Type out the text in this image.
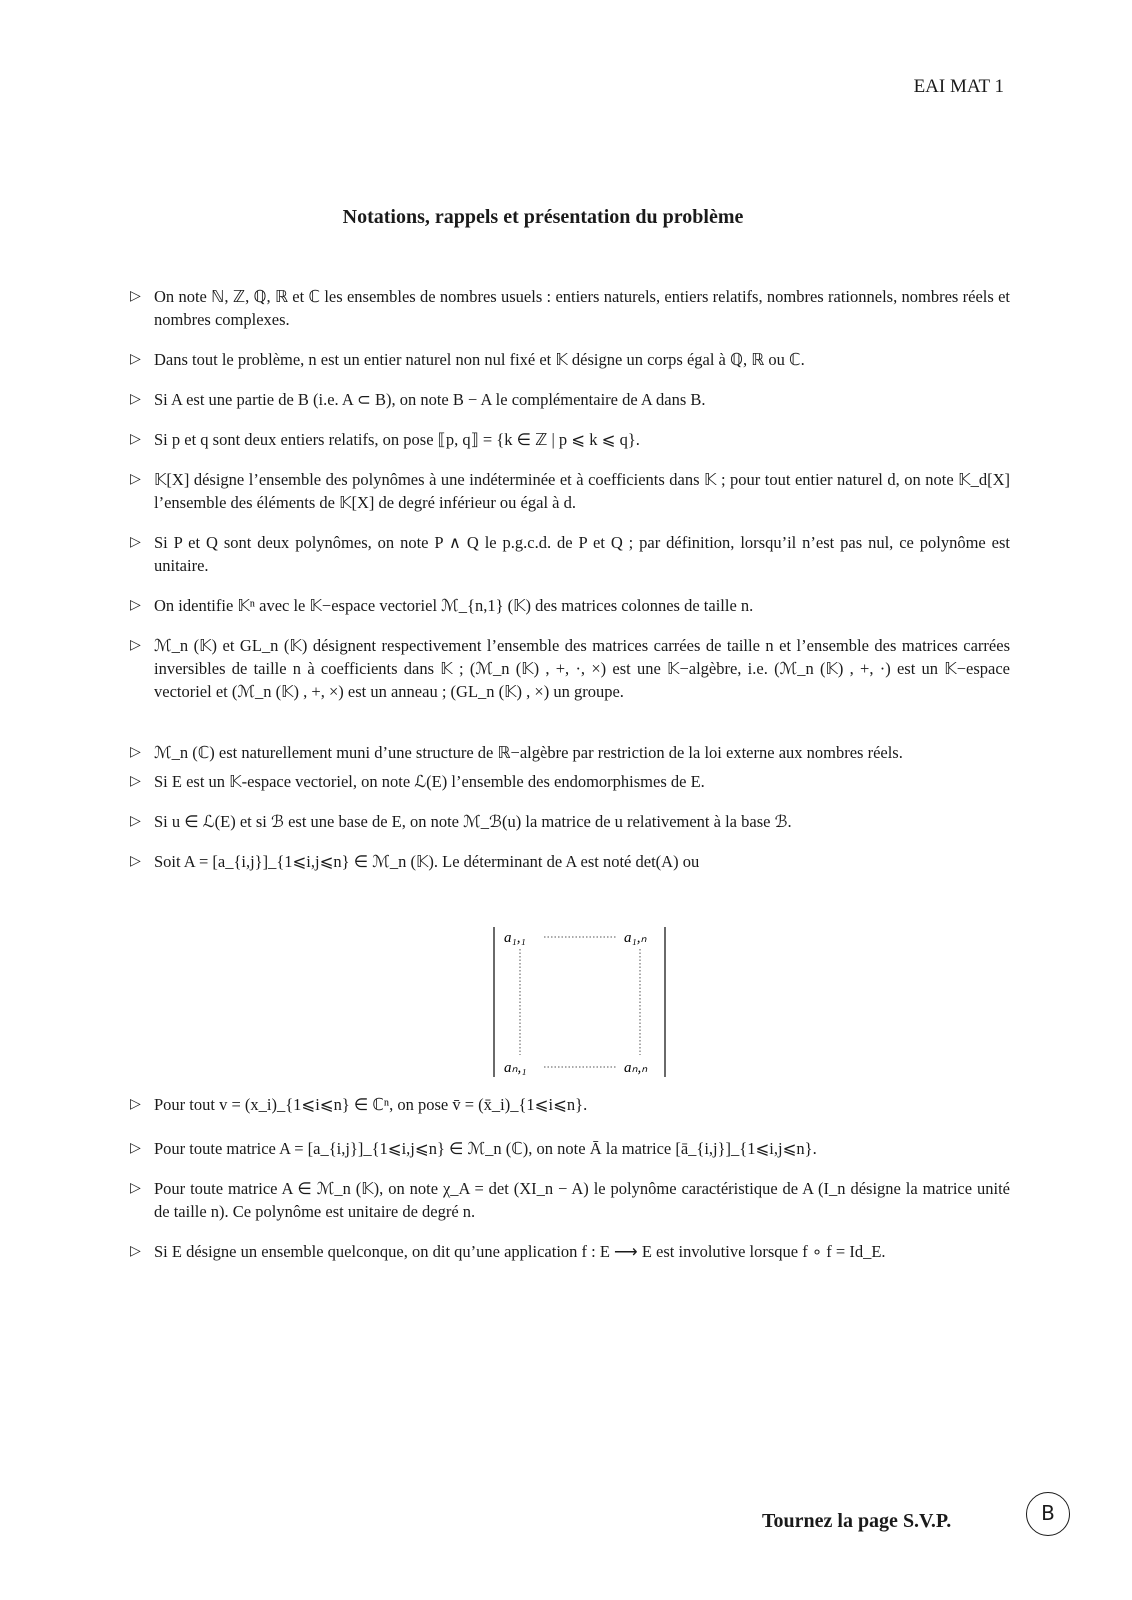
EAI MAT 1
Notations, rappels et présentation du problème
▷ On note ℕ, ℤ, ℚ, ℝ et ℂ les ensembles de nombres usuels : entiers naturels, entiers relatifs, nombres rationnels, nombres réels et nombres complexes.
▷ Dans tout le problème, n est un entier naturel non nul fixé et 𝕂 désigne un corps égal à ℚ, ℝ ou ℂ.
▷ Si A est une partie de B (i.e. A ⊂ B), on note B − A le complémentaire de A dans B.
▷ Si p et q sont deux entiers relatifs, on pose ⟦p, q⟧ = {k ∈ ℤ | p ⩽ k ⩽ q}.
▷ 𝕂[X] désigne l’ensemble des polynômes à une indéterminée et à coefficients dans 𝕂 ; pour tout entier naturel d, on note 𝕂_d[X] l’ensemble des éléments de 𝕂[X] de degré inférieur ou égal à d.
▷ Si P et Q sont deux polynômes, on note P ∧ Q le p.g.c.d. de P et Q ; par définition, lorsqu’il n’est pas nul, ce polynôme est unitaire.
▷ On identifie 𝕂ⁿ avec le 𝕂−espace vectoriel ℳ_{n,1} (𝕂) des matrices colonnes de taille n.
▷ ℳ_n (𝕂) et GL_n (𝕂) désignent respectivement l’ensemble des matrices carrées de taille n et l’ensemble des matrices carrées inversibles de taille n à coefficients dans 𝕂 ; (ℳ_n (𝕂) , +, ·, ×) est une 𝕂−algèbre, i.e. (ℳ_n (𝕂) , +, ·) est un 𝕂−espace vectoriel et (ℳ_n (𝕂) , +, ×) est un anneau ; (GL_n (𝕂) , ×) un groupe.
▷ ℳ_n (ℂ) est naturellement muni d’une structure de ℝ−algèbre par restriction de la loi externe aux nombres réels.
▷ Si E est un 𝕂-espace vectoriel, on note ℒ(E) l’ensemble des endomorphismes de E.
▷ Si u ∈ ℒ(E) et si ℬ est une base de E, on note ℳ_ℬ(u) la matrice de u relativement à la base ℬ.
▷ Soit A = [a_{i,j}]_{1⩽i,j⩽n} ∈ ℳ_n (𝕂). Le déterminant de A est noté det(A) ou
▷ Pour tout v = (x_i)_{1⩽i⩽n} ∈ ℂⁿ, on pose v̄ = (x̄_i)_{1⩽i⩽n}.
▷ Pour toute matrice A = [a_{i,j}]_{1⩽i,j⩽n} ∈ ℳ_n (ℂ), on note Ā la matrice [ā_{i,j}]_{1⩽i,j⩽n}.
▷ Pour toute matrice A ∈ ℳ_n (𝕂), on note χ_A = det (XI_n − A) le polynôme caractéristique de A (I_n désigne la matrice unité de taille n). Ce polynôme est unitaire de degré n.
▷ Si E désigne un ensemble quelconque, on dit qu’une application f : E ⟶ E est involutive lorsque f ∘ f = Id_E.
a₁,₁	a₁,ₙ
aₙ,₁	aₙ,ₙ
Tournez la page S.V.P.	B
